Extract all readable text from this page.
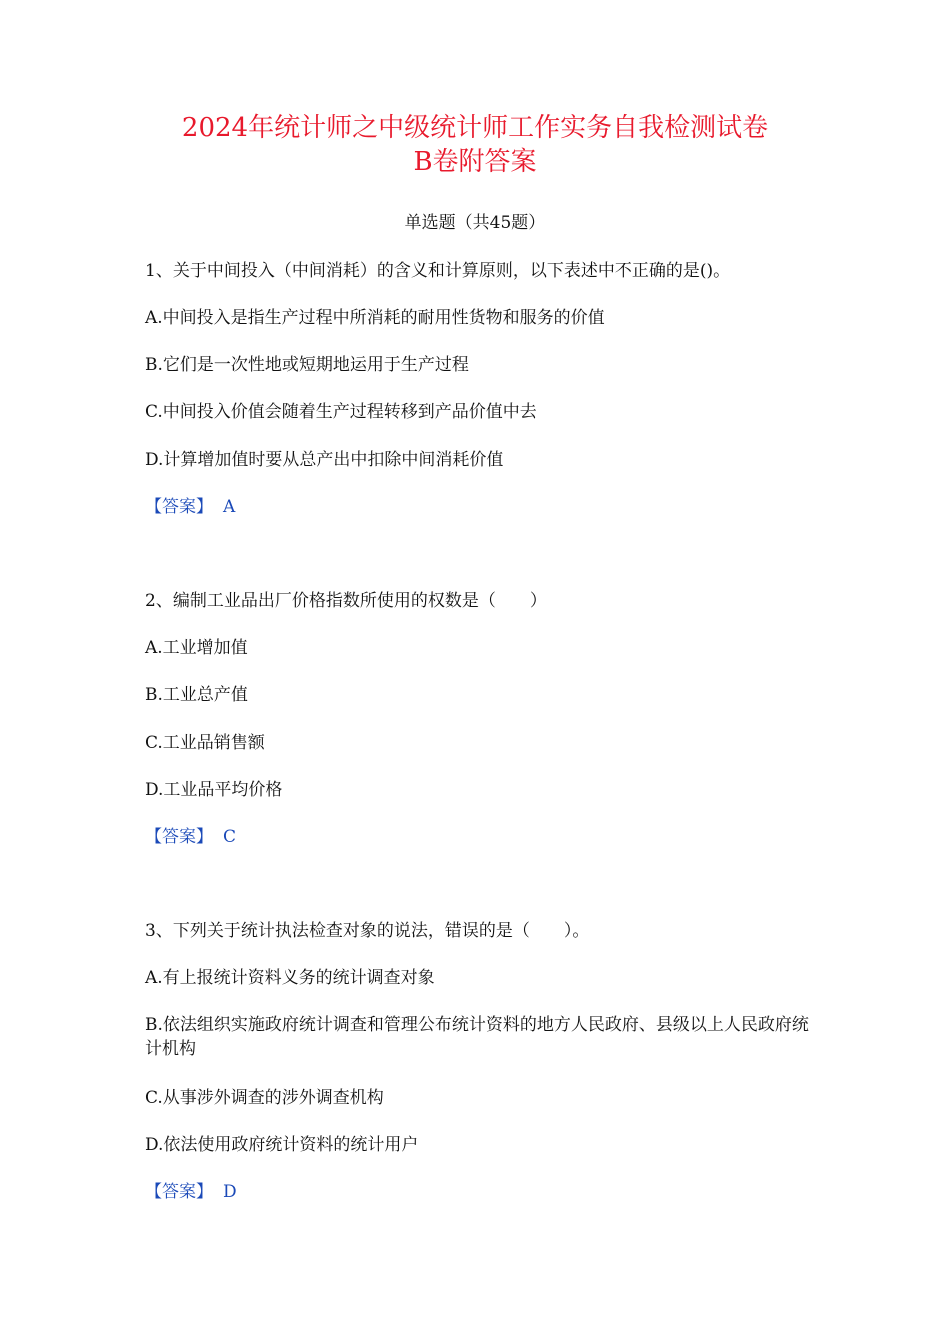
2024年统计师之中级统计师工作实务自我检测试卷
B卷附答案
单选题（共45题）
1、关于中间投入（中间消耗）的含义和计算原则，以下表述中不正确的是()。
A.中间投入是指生产过程中所消耗的耐用性货物和服务的价值
B.它们是一次性地或短期地运用于生产过程
C.中间投入价值会随着生产过程转移到产品价值中去
D.计算增加值时要从总产出中扣除中间消耗价值
【答案】 A
2、编制工业品出厂价格指数所使用的权数是（　　）
A.工业增加值
B.工业总产值
C.工业品销售额
D.工业品平均价格
【答案】 C
3、下列关于统计执法检查对象的说法，错误的是（　　）。
A.有上报统计资料义务的统计调查对象
B.依法组织实施政府统计调查和管理公布统计资料的地方人民政府、县级以上人民政府统计机构
C.从事涉外调查的涉外调查机构
D.依法使用政府统计资料的统计用户
【答案】 D
